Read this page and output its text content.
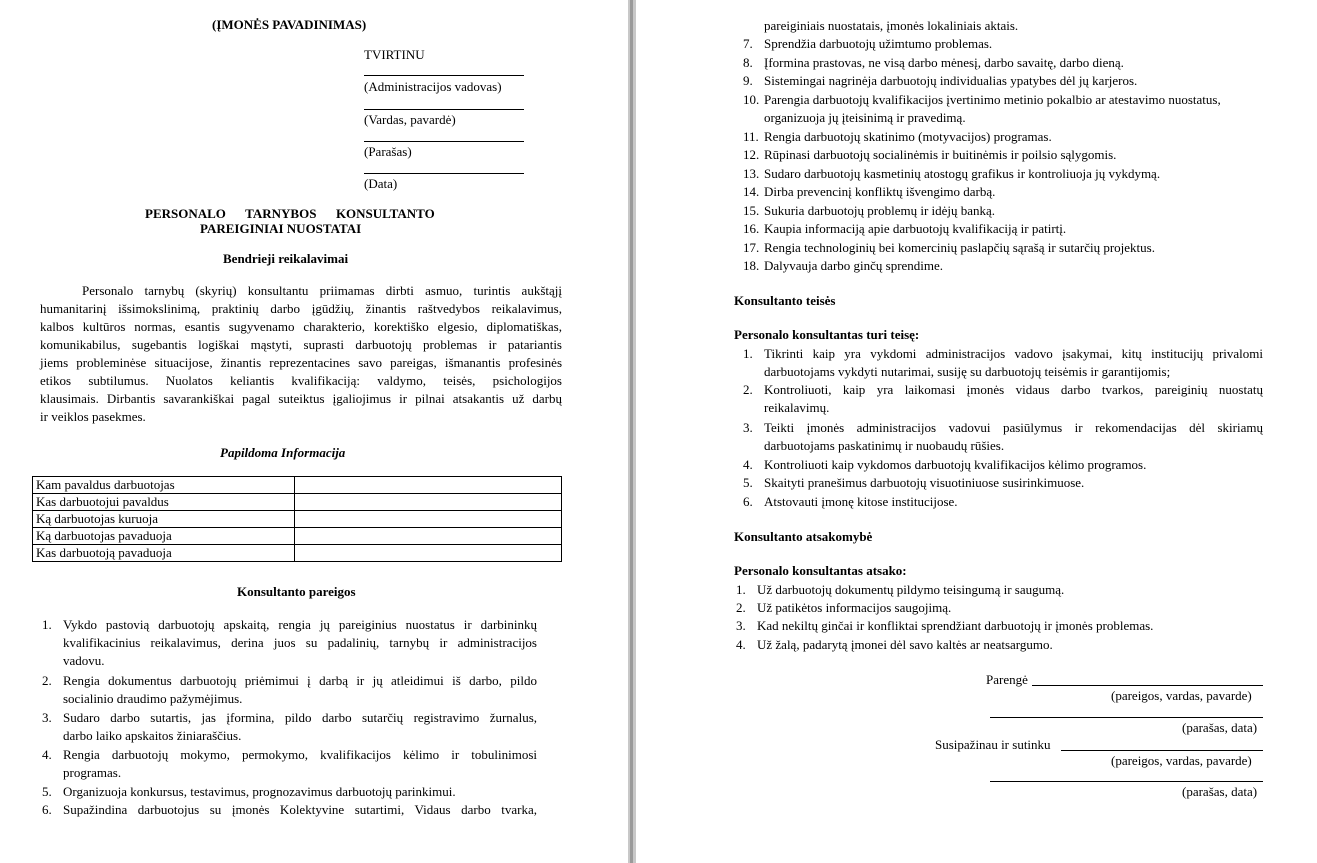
(ĮMONĖS PAVADINIMAS)
TVIRTINU
(Administracijos vadovas)
(Vardas, pavardė)
(Parašas)
(Data)
PERSONALO      TARNYBOS      KONSULTANTO
PAREIGINIAI NUOSTATAI
Bendrieji reikalavimai
Personalo tarnybų (skyrių) konsultantu priimamas dirbti asmuo, turintis aukštąjį
humanitarinį išsimokslinimą, praktinių darbo įgūdžių, žinantis raštvedybos reikalavimus,
kalbos kultūros normas, esantis sugyvenamo charakterio, korektiško elgesio, diplomatiškas,
komunikabilus, sugebantis logiškai mąstyti, suprasti darbuotojų problemas ir patariantis
jiems probleminėse situacijose, žinantis reprezentacines savo pareigas, išmanantis profesinės
etikos subtilumus. Nuolatos keliantis kvalifikaciją: valdymo, teisės, psichologijos
klausimais. Dirbantis savarankiškai pagal suteiktus įgaliojimus ir pilnai atsakantis už darbų
ir veiklos pasekmes.
Papildoma Informacija
Kam pavaldus darbuotojas	
Kas darbuotojui pavaldus	
Ką darbuotojas kuruoja	
Ką darbuotojas pavaduoja	
Kas darbuotoją pavaduoja	
Konsultanto pareigos
1. Vykdo pastovią darbuotojų apskaitą, rengia jų pareiginius nuostatus ir darbininkų
kvalifikacinius reikalavimus, derina juos su padalinių, tarnybų ir administracijos
vadovu.
2. Rengia dokumentus darbuotojų priėmimui į darbą ir jų atleidimui iš darbo, pildo
socialinio draudimo pažymėjimus.
3. Sudaro darbo sutartis, jas įformina, pildo darbo sutarčių registravimo žurnalus,
darbo laiko apskaitos žiniaraščius.
4. Rengia darbuotojų mokymo, permokymo, kvalifikacijos kėlimo ir tobulinimosi
programas.
5. Organizuoja konkursus, testavimus, prognozavimus darbuotojų parinkimui.
6. Supažindina darbuotojus su įmonės Kolektyvine sutartimi, Vidaus darbo tvarka,
pareiginiais nuostatais, įmonės lokaliniais aktais.
7. Sprendžia darbuotojų užimtumo problemas.
8. Įformina prastovas, ne visą darbo mėnesį, darbo savaitę, darbo dieną.
9. Sistemingai nagrinėja darbuotojų individualias ypatybes dėl jų karjeros.
10. Parengia darbuotojų kvalifikacijos įvertinimo metinio pokalbio ar atestavimo nuostatus,
organizuoja jų įteisinimą ir pravedimą.
11. Rengia darbuotojų skatinimo (motyvacijos) programas.
12. Rūpinasi darbuotojų socialinėmis ir buitinėmis ir poilsio sąlygomis.
13. Sudaro darbuotojų kasmetinių atostogų grafikus ir kontroliuoja jų vykdymą.
14. Dirba prevencinį konfliktų išvengimo darbą.
15. Sukuria darbuotojų problemų ir idėjų banką.
16. Kaupia informaciją apie darbuotojų kvalifikaciją ir patirtį.
17. Rengia technologinių bei komercinių paslapčių sąrašą ir sutarčių projektus.
18. Dalyvauja darbo ginčų sprendime.
Konsultanto teisės
Personalo konsultantas turi teisę:
1. Tikrinti kaip yra vykdomi administracijos vadovo įsakymai, kitų institucijų privalomi
darbuotojams vykdyti nutarimai, susiję su darbuotojų teisėmis ir garantijomis;
2. Kontroliuoti, kaip yra laikomasi įmonės vidaus darbo tvarkos, pareiginių nuostatų
reikalavimų.
3. Teikti įmonės administracijos vadovui pasiūlymus ir rekomendacijas dėl skiriamų
darbuotojams paskatinimų ir nuobaudų rūšies.
4. Kontroliuoti kaip vykdomos darbuotojų kvalifikacijos kėlimo programos.
5. Skaityti pranešimus darbuotojų visuotiniuose susirinkimuose.
6. Atstovauti įmonę kitose institucijose.
Konsultanto atsakomybė
Personalo konsultantas atsako:
1. Už darbuotojų dokumentų pildymo teisingumą ir saugumą.
2. Už patikėtos informacijos saugojimą.
3. Kad nekiltų ginčai ir konfliktai sprendžiant darbuotojų ir įmonės problemas.
4. Už žalą, padarytą įmonei dėl savo kaltės ar neatsargumo.
Parengė
(pareigos, vardas, pavarde)
(parašas, data)
Susipažinau ir sutinku
(pareigos, vardas, pavarde)
(parašas, data)
